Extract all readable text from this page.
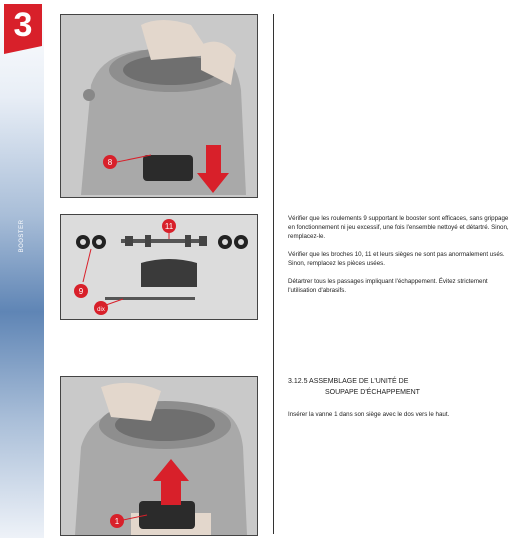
3
BOOSTER
8
11
9
dix
1

Vérifier que les roulements 9 supportant le booster sont efficaces, sans grippage en fonctionnement ni jeu excessif, une fois l'ensemble nettoyé et détartré. Sinon, remplacez-le.

Vérifier que les broches 10, 11 et leurs sièges ne sont pas anormalement usés. Sinon, remplacez les pièces usées.

Détartrer tous les passages impliquant l'échappement. Évitez strictement l'utilisation d'abrasifs.

3.12.5 ASSEMBLAGE DE L'UNITÉ DE
SOUPAPE D'ÉCHAPPEMENT

Insérer la vanne 1 dans son siège avec le dos vers le haut.
